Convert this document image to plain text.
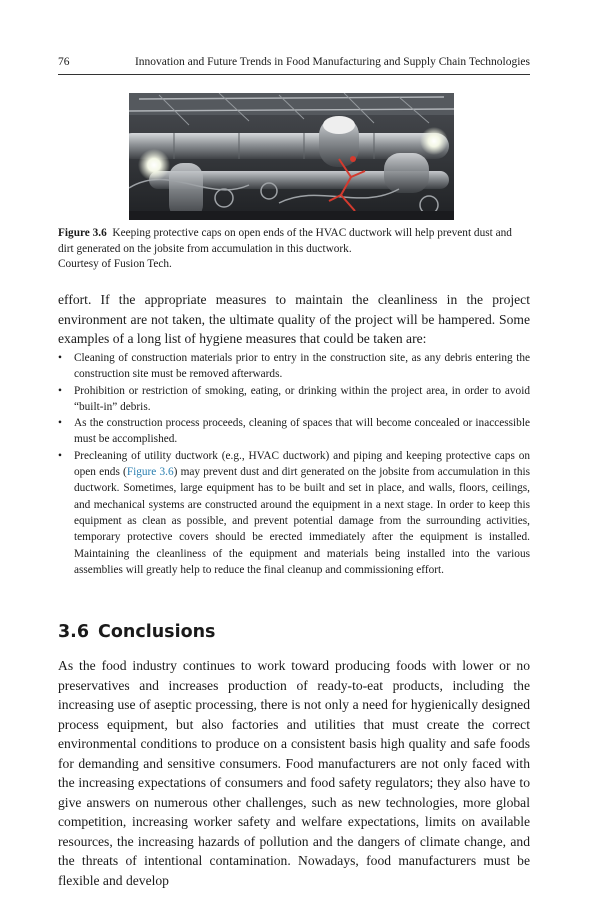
76	Innovation and Future Trends in Food Manufacturing and Supply Chain Technologies
Figure 3.6 Keeping protective caps on open ends of the HVAC ductwork will help prevent dust and dirt generated on the jobsite from accumulation in this ductwork.
Courtesy of Fusion Tech.

effort. If the appropriate measures to maintain the cleanliness in the project environment are not taken, the ultimate quality of the project will be hampered. Some examples of a long list of hygiene measures that could be taken are:

• Cleaning of construction materials prior to entry in the construction site, as any debris entering the construction site must be removed afterwards.
• Prohibition or restriction of smoking, eating, or drinking within the project area, in order to avoid “built-in” debris.
• As the construction process proceeds, cleaning of spaces that will become concealed or inaccessible must be accomplished.
• Precleaning of utility ductwork (e.g., HVAC ductwork) and piping and keeping protective caps on open ends (Figure 3.6) may prevent dust and dirt generated on the jobsite from accumulation in this ductwork. Sometimes, large equipment has to be built and set in place, and walls, floors, ceilings, and mechanical systems are constructed around the equipment in a next stage. In order to keep this equipment as clean as possible, and prevent potential damage from the surrounding activities, temporary protective covers should be erected immediately after the equipment is installed. Maintaining the cleanliness of the equipment and materials being installed into the various assemblies will greatly help to reduce the final cleanup and commissioning effort.
3.6 Conclusions

As the food industry continues to work toward producing foods with lower or no preservatives and increases production of ready-to-eat products, including the increasing use of aseptic processing, there is not only a need for hygienically designed process equipment, but also factories and utilities that must create the correct environmental conditions to produce on a consistent basis high quality and safe foods for demanding and sensitive consumers. Food manufacturers are not only faced with the increasing expectations of consumers and food safety regulators; they also have to give answers on numerous other challenges, such as new technologies, more global competition, increasing worker safety and welfare expectations, limits on available resources, the increasing hazards of pollution and the dangers of climate change, and the threats of intentional contamination. Nowadays, food manufacturers must be flexible and develop
